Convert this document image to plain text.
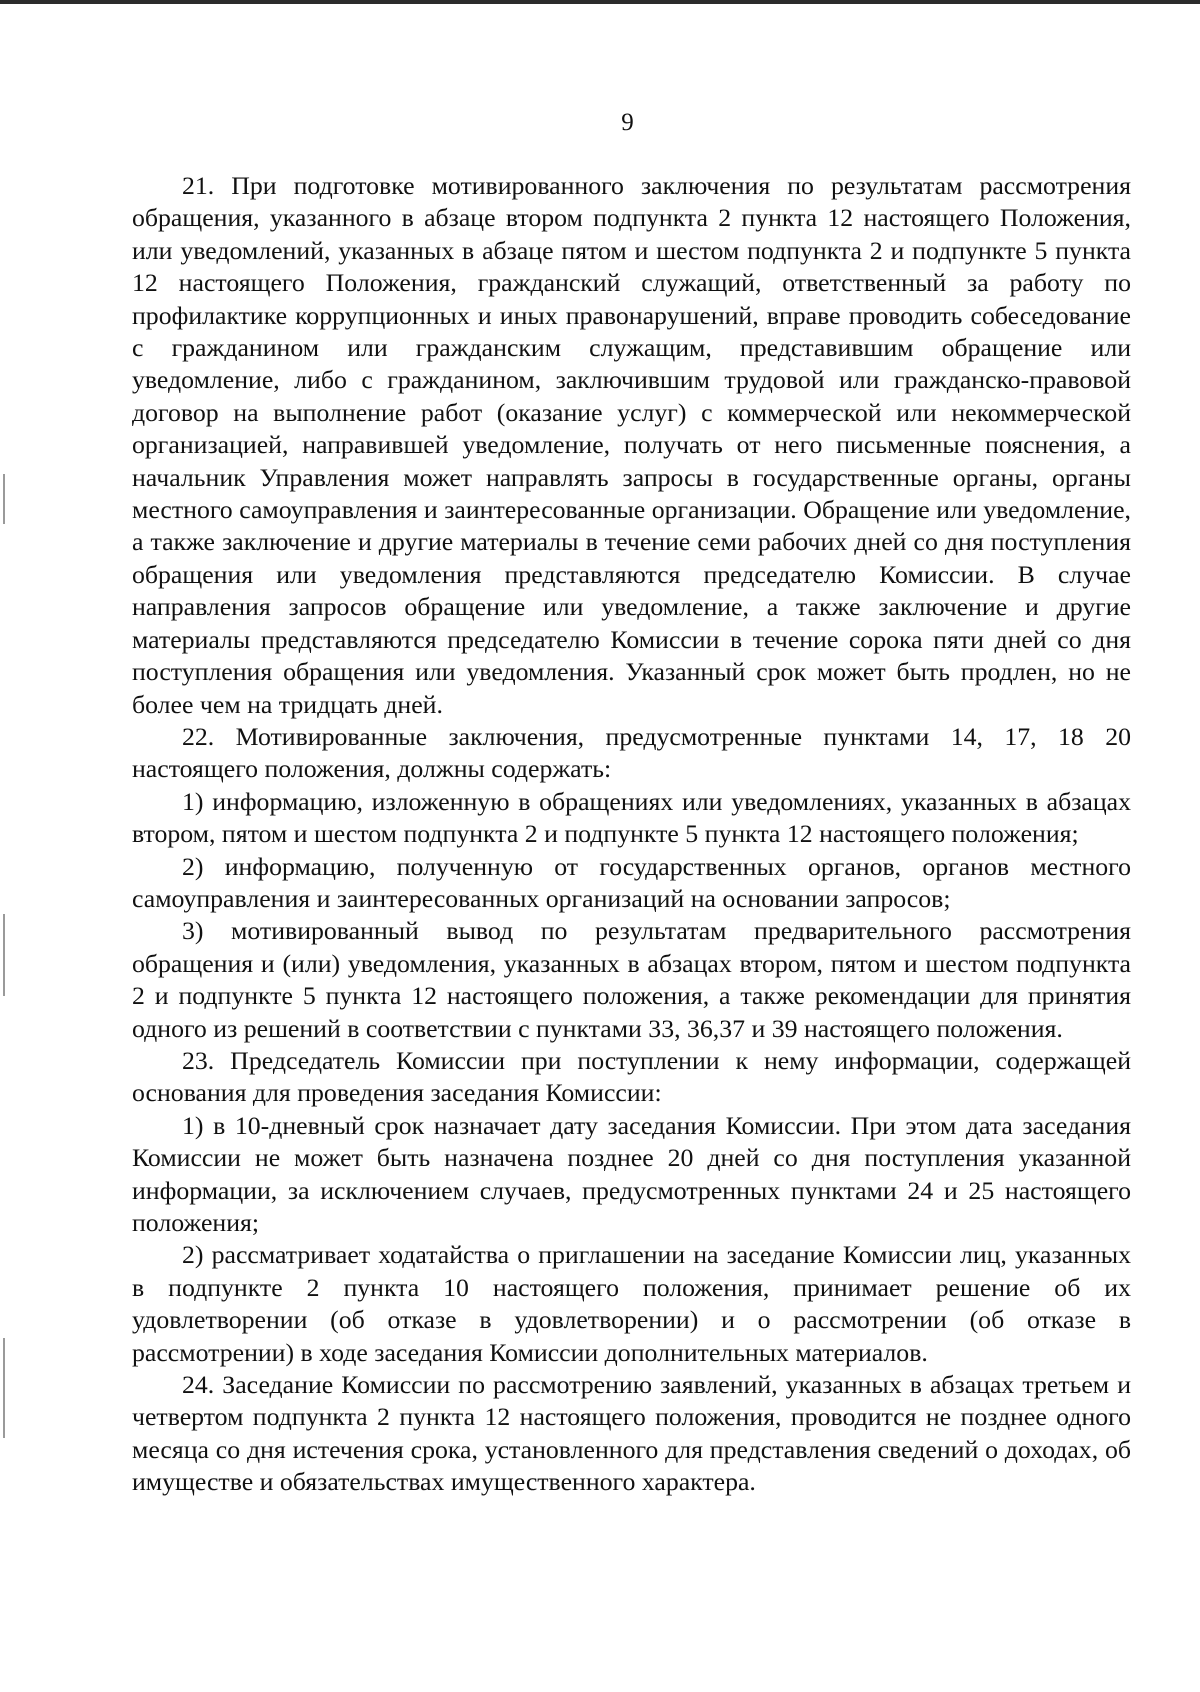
9

21. При подготовке мотивированного заключения по результатам рассмотрения обращения, указанного в абзаце втором подпункта 2 пункта 12 настоящего Положения, или уведомлений, указанных в абзаце пятом и шестом подпункта 2 и подпункте 5 пункта 12 настоящего Положения, гражданский служащий, ответственный за работу по профилактике коррупционных и иных правонарушений, вправе проводить собеседование с гражданином или гражданским служащим, представившим обращение или уведомление, либо с гражданином, заключившим трудовой или гражданско-правовой договор на выполнение работ (оказание услуг) с коммерческой или некоммерческой организацией, направившей уведомление, получать от него письменные пояснения, а начальник Управления может направлять запросы в государственные органы, органы местного самоуправления и заинтересованные организации. Обращение или уведомление, а также заключение и другие материалы в течение семи рабочих дней со дня поступления обращения или уведомления представляются председателю Комиссии. В случае направления запросов обращение или уведомление, а также заключение и другие материалы представляются председателю Комиссии в течение сорока пяти дней со дня поступления обращения или уведомления. Указанный срок может быть продлен, но не более чем на тридцать дней.

22. Мотивированные заключения, предусмотренные пунктами 14, 17, 18 20 настоящего положения, должны содержать:

1) информацию, изложенную в обращениях или уведомлениях, указанных в абзацах втором, пятом и шестом подпункта 2 и подпункте 5 пункта 12 настоящего положения;

2) информацию, полученную от государственных органов, органов местного самоуправления и заинтересованных организаций на основании запросов;

3) мотивированный вывод по результатам предварительного рассмотрения обращения и (или) уведомления, указанных в абзацах втором, пятом и шестом подпункта 2 и подпункте 5 пункта 12 настоящего положения, а также рекомендации для принятия одного из решений в соответствии с пунктами 33, 36,37 и 39 настоящего положения.

23. Председатель Комиссии при поступлении к нему информации, содержащей основания для проведения заседания Комиссии:

1) в 10-дневный срок назначает дату заседания Комиссии. При этом дата заседания Комиссии не может быть назначена позднее 20 дней со дня поступления указанной информации, за исключением случаев, предусмотренных пунктами 24 и 25 настоящего положения;

2) рассматривает ходатайства о приглашении на заседание Комиссии лиц, указанных в подпункте 2 пункта 10 настоящего положения, принимает решение об их удовлетворении (об отказе в удовлетворении) и о рассмотрении (об отказе в рассмотрении) в ходе заседания Комиссии дополнительных материалов.

24. Заседание Комиссии по рассмотрению заявлений, указанных в абзацах третьем и четвертом подпункта 2 пункта 12 настоящего положения, проводится не позднее одного месяца со дня истечения срока, установленного для представления сведений о доходах, об имуществе и обязательствах имущественного характера.
